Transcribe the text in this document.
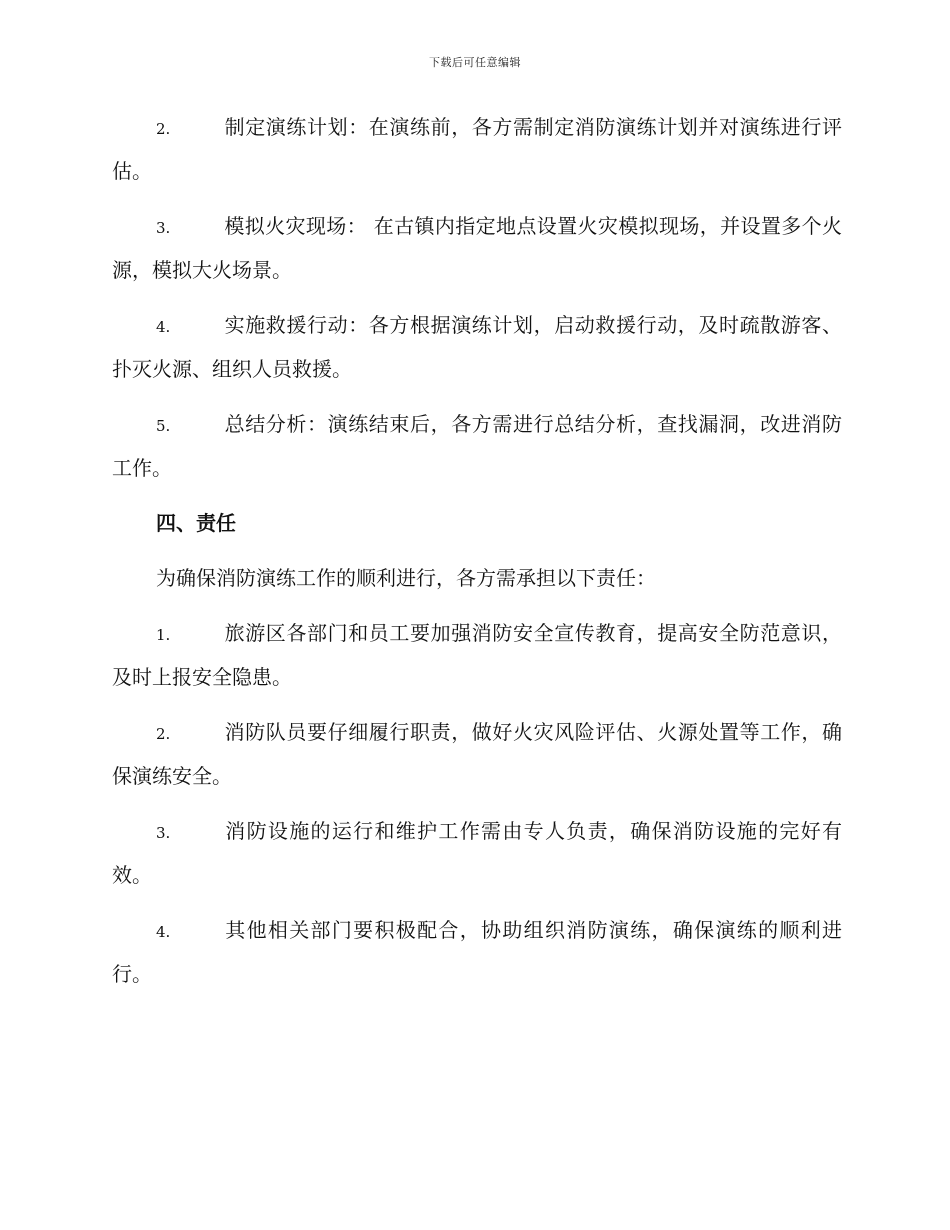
下载后可任意编辑

2.	制定演练计划：在演练前，各方需制定消防演练计划并对演练进行评估。

3.	模拟火灾现场： 在古镇内指定地点设置火灾模拟现场，并设置多个火源，模拟大火场景。

4.	实施救援行动：各方根据演练计划，启动救援行动，及时疏散游客、扑灭火源、组织人员救援。

5.	总结分析：演练结束后，各方需进行总结分析，查找漏洞，改进消防工作。

四、责任

为确保消防演练工作的顺利进行，各方需承担以下责任：

1.	旅游区各部门和员工要加强消防安全宣传教育，提高安全防范意识，及时上报安全隐患。

2.	消防队员要仔细履行职责，做好火灾风险评估、火源处置等工作，确保演练安全。

3.	消防设施的运行和维护工作需由专人负责，确保消防设施的完好有效。

4.	其他相关部门要积极配合，协助组织消防演练，确保演练的顺利进行。
